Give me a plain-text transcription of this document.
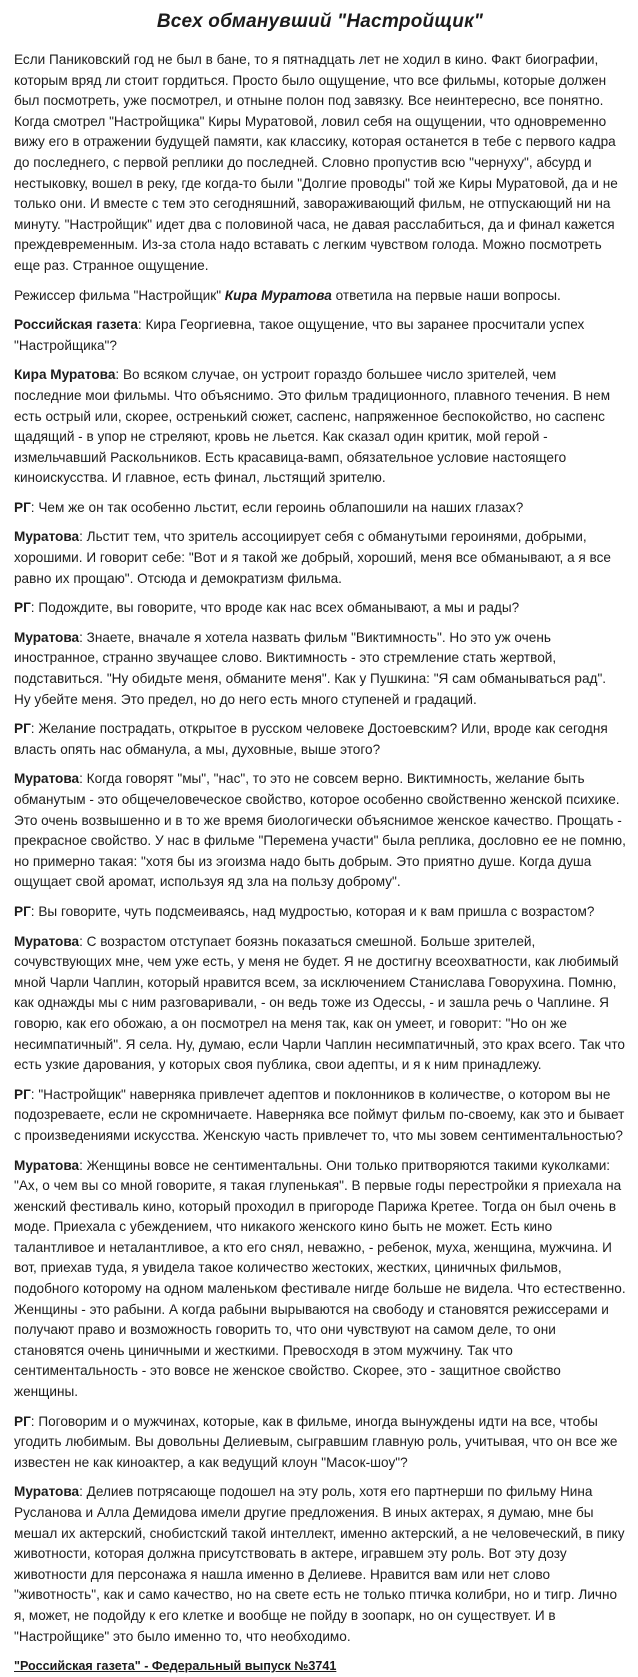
Всех обманувший "Настройщик"

Если Паниковский год не был в бане, то я пятнадцать лет не ходил в кино. Факт биографии, которым вряд ли стоит гордиться. Просто было ощущение, что все фильмы, которые должен был посмотреть, уже посмотрел, и отныне полон под завязку. Все неинтересно, все понятно. Когда смотрел "Настройщика" Киры Муратовой, ловил себя на ощущении, что одновременно вижу его в отражении будущей памяти, как классику, которая останется в тебе с первого кадра до последнего, с первой реплики до последней. Словно пропустив всю "чернуху", абсурд и нестыковку, вошел в реку, где когда-то были "Долгие проводы" той же Киры Муратовой, да и не только они. И вместе с тем это сегодняшний, завораживающий фильм, не отпускающий ни на минуту. "Настройщик" идет два с половиной часа, не давая расслабиться, да и финал кажется преждевременным. Из-за стола надо вставать с легким чувством голода. Можно посмотреть еще раз. Странное ощущение.

Режиссер фильма "Настройщик" Кира Муратова ответила на первые наши вопросы.

Российская газета: Кира Георгиевна, такое ощущение, что вы заранее просчитали успех "Настройщика"?

Кира Муратова: Во всяком случае, он устроит гораздо большее число зрителей, чем последние мои фильмы. Что объяснимо. Это фильм традиционного, плавного течения. В нем есть острый или, скорее, остренький сюжет, саспенс, напряженное беспокойство, но саспенс щадящий - в упор не стреляют, кровь не льется. Как сказал один критик, мой герой - измельчавший Раскольников. Есть красавица-вамп, обязательное условие настоящего киноискусства. И главное, есть финал, льстящий зрителю.

РГ: Чем же он так особенно льстит, если героинь облапошили на наших глазах?

Муратова: Льстит тем, что зритель ассоциирует себя с обманутыми героинями, добрыми, хорошими. И говорит себе: "Вот и я такой же добрый, хороший, меня все обманывают, а я все равно их прощаю". Отсюда и демократизм фильма.

РГ: Подождите, вы говорите, что вроде как нас всех обманывают, а мы и рады?

Муратова: Знаете, вначале я хотела назвать фильм "Виктимность". Но это уж очень иностранное, странно звучащее слово. Виктимность - это стремление стать жертвой, подставиться. "Ну обидьте меня, обманите меня". Как у Пушкина: "Я сам обманываться рад". Ну убейте меня. Это предел, но до него есть много ступеней и градаций.

РГ: Желание пострадать, открытое в русском человеке Достоевским? Или, вроде как сегодня власть опять нас обманула, а мы, духовные, выше этого?

Муратова: Когда говорят "мы", "нас", то это не совсем верно. Виктимность, желание быть обманутым - это общечеловеческое свойство, которое особенно свойственно женской психике. Это очень возвышенно и в то же время биологически объяснимое женское качество. Прощать - прекрасное свойство. У нас в фильме "Перемена участи" была реплика, дословно ее не помню, но примерно такая: "хотя бы из эгоизма надо быть добрым. Это приятно душе. Когда душа ощущает свой аромат, используя яд зла на пользу доброму".

РГ: Вы говорите, чуть подсмеиваясь, над мудростью, которая и к вам пришла с возрастом?

Муратова: С возрастом отступает боязнь показаться смешной. Больше зрителей, сочувствующих мне, чем уже есть, у меня не будет. Я не достигну всеохватности, как любимый мной Чарли Чаплин, который нравится всем, за исключением Станислава Говорухина. Помню, как однажды мы с ним разговаривали, - он ведь тоже из Одессы, - и зашла речь о Чаплине. Я говорю, как его обожаю, а он посмотрел на меня так, как он умеет, и говорит: "Но он же несимпатичный". Я села. Ну, думаю, если Чарли Чаплин несимпатичный, это крах всего. Так что есть узкие дарования, у которых своя публика, свои адепты, и я к ним принадлежу.

РГ: "Настройщик" наверняка привлечет адептов и поклонников в количестве, о котором вы не подозреваете, если не скромничаете. Наверняка все поймут фильм по-своему, как это и бывает с произведениями искусства. Женскую часть привлечет то, что мы зовем сентиментальностью?

Муратова: Женщины вовсе не сентиментальны. Они только притворяются такими куколками: "Ах, о чем вы со мной говорите, я такая глупенькая". В первые годы перестройки я приехала на женский фестиваль кино, который проходил в пригороде Парижа Кретее. Тогда он был очень в моде. Приехала с убеждением, что никакого женского кино быть не может. Есть кино талантливое и неталантливое, а кто его снял, неважно, - ребенок, муха, женщина, мужчина. И вот, приехав туда, я увидела такое количество жестоких, жестких, циничных фильмов, подобного которому на одном маленьком фестивале нигде больше не видела. Что естественно. Женщины - это рабыни. А когда рабыни вырываются на свободу и становятся режиссерами и получают право и возможность говорить то, что они чувствуют на самом деле, то они становятся очень циничными и жесткими. Превосходя в этом мужчину. Так что сентиментальность - это вовсе не женское свойство. Скорее, это - защитное свойство женщины.

РГ: Поговорим и о мужчинах, которые, как в фильме, иногда вынуждены идти на все, чтобы угодить любимым. Вы довольны Делиевым, сыгравшим главную роль, учитывая, что он все же известен не как киноактер, а как ведущий клоун "Масок-шоу"?

Муратова: Делиев потрясающе подошел на эту роль, хотя его партнерши по фильму Нина Русланова и Алла Демидова имели другие предложения. В иных актерах, я думаю, мне бы мешал их актерский, снобистский такой интеллект, именно актерский, а не человеческий, в пику животности, которая должна присутствовать в актере, игравшем эту роль. Вот эту дозу животности для персонажа я нашла именно в Делиеве. Нравится вам или нет слово "животность", как и само качество, но на свете есть не только птичка колибри, но и тигр. Лично я, может, не подойду к его клетке и вообще не пойду в зоопарк, но он существует. И в "Настройщике" это было именно то, что необходимо.

"Российская газета" - Федеральный выпуск №3741
